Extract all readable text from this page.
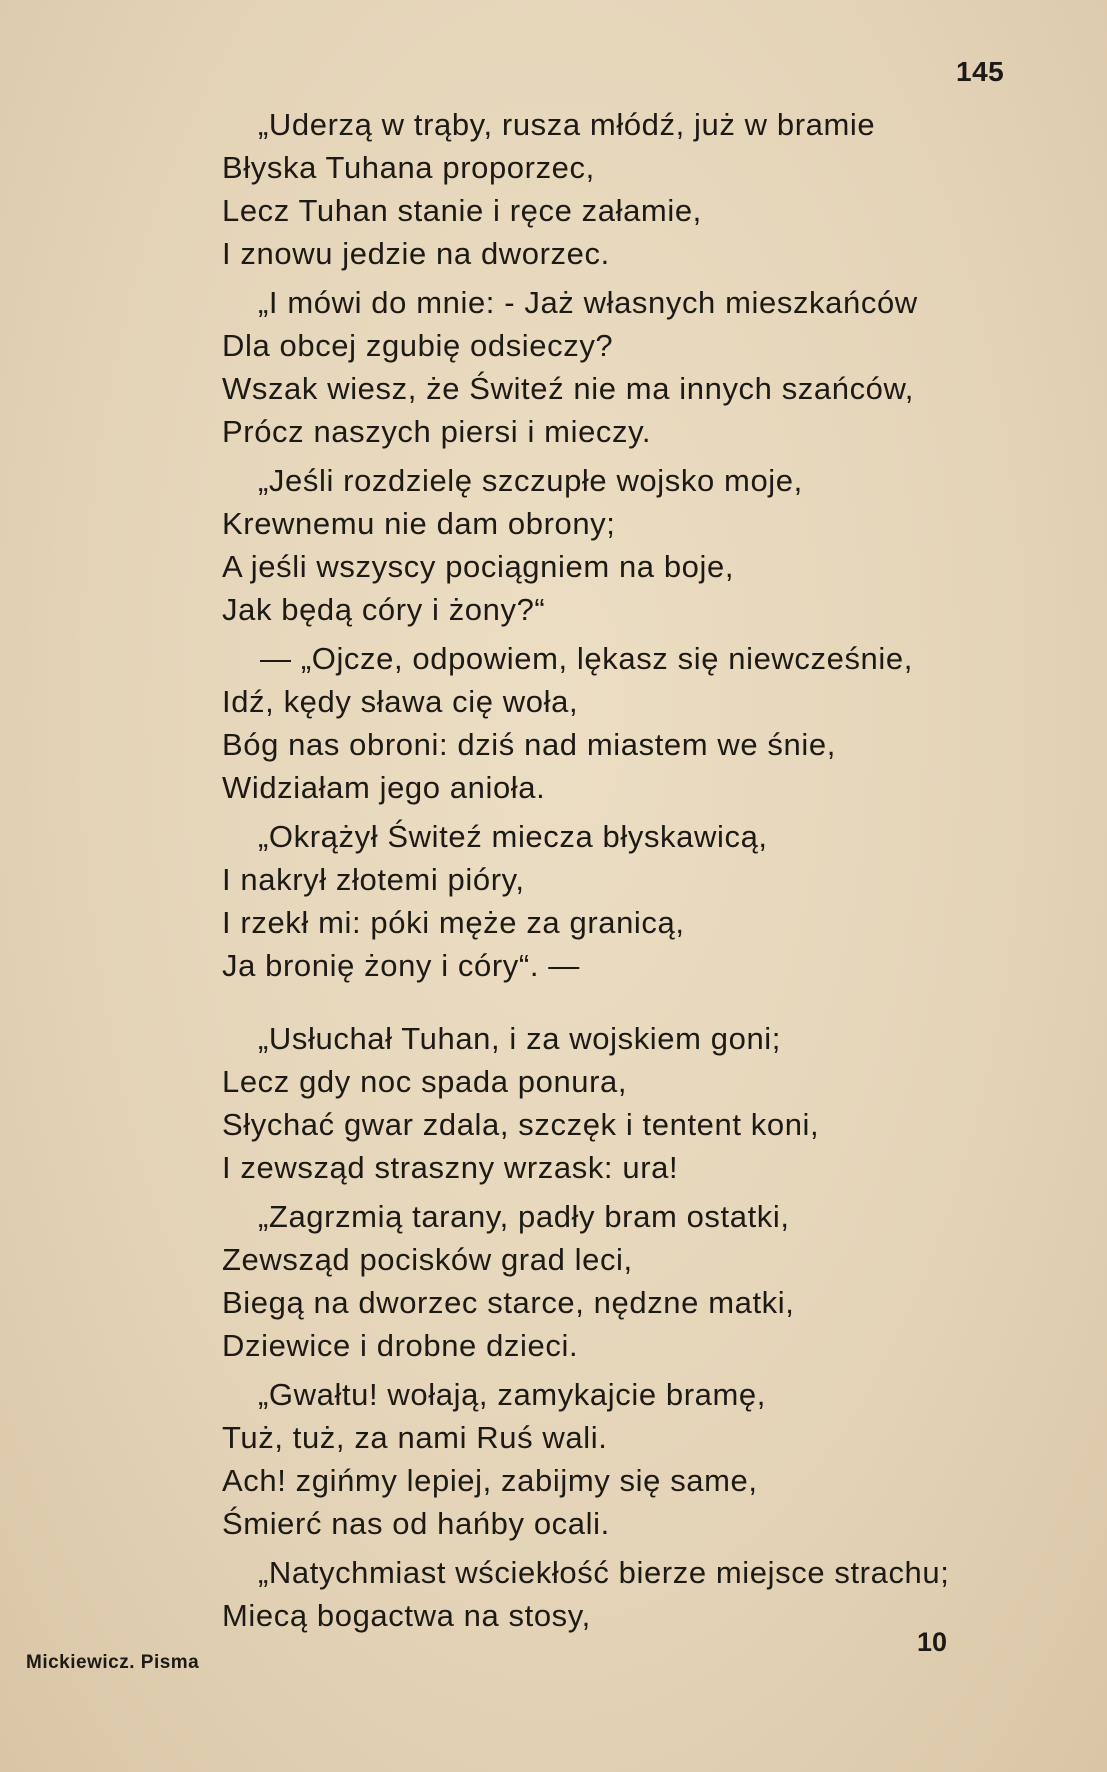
145
„Uderzą w trąby, rusza młódź, już w bramie
Błyska Tuhana proporzec,
Lecz Tuhan stanie i ręce załamie,
I znowu jedzie na dworzec.
„I mówi do mnie: - Jaż własnych mieszkańców
Dla obcej zgubię odsieczy?
Wszak wiesz, że Świteź nie ma innych szańców,
Prócz naszych piersi i mieczy.
„Jeśli rozdzielę szczupłe wojsko moje,
Krewnemu nie dam obrony;
A jeśli wszyscy pociągniem na boje,
Jak będą córy i żony?“
— „Ojcze, odpowiem, lękasz się niewcześnie,
Idź, kędy sława cię woła,
Bóg nas obroni: dziś nad miastem we śnie,
Widziałam jego anioła.
„Okrążył Świteź miecza błyskawicą,
I nakrył złotemi pióry,
I rzekł mi: póki męże za granicą,
Ja bronię żony i córy“. —
„Usłuchał Tuhan, i za wojskiem goni;
Lecz gdy noc spada ponura,
Słychać gwar zdala, szczęk i tentent koni,
I zewsząd straszny wrzask: ura!
„Zagrzmią tarany, padły bram ostatki,
Zewsząd pocisków grad leci,
Biegą na dworzec starce, nędzne matki,
Dziewice i drobne dzieci.
„Gwałtu! wołają, zamykajcie bramę,
Tuż, tuż, za nami Ruś wali.
Ach! zgińmy lepiej, zabijmy się same,
Śmierć nas od hańby ocali.
„Natychmiast wściekłość bierze miejsce strachu;
Miecą bogactwa na stosy,
Mickiewicz. Pisma
10
